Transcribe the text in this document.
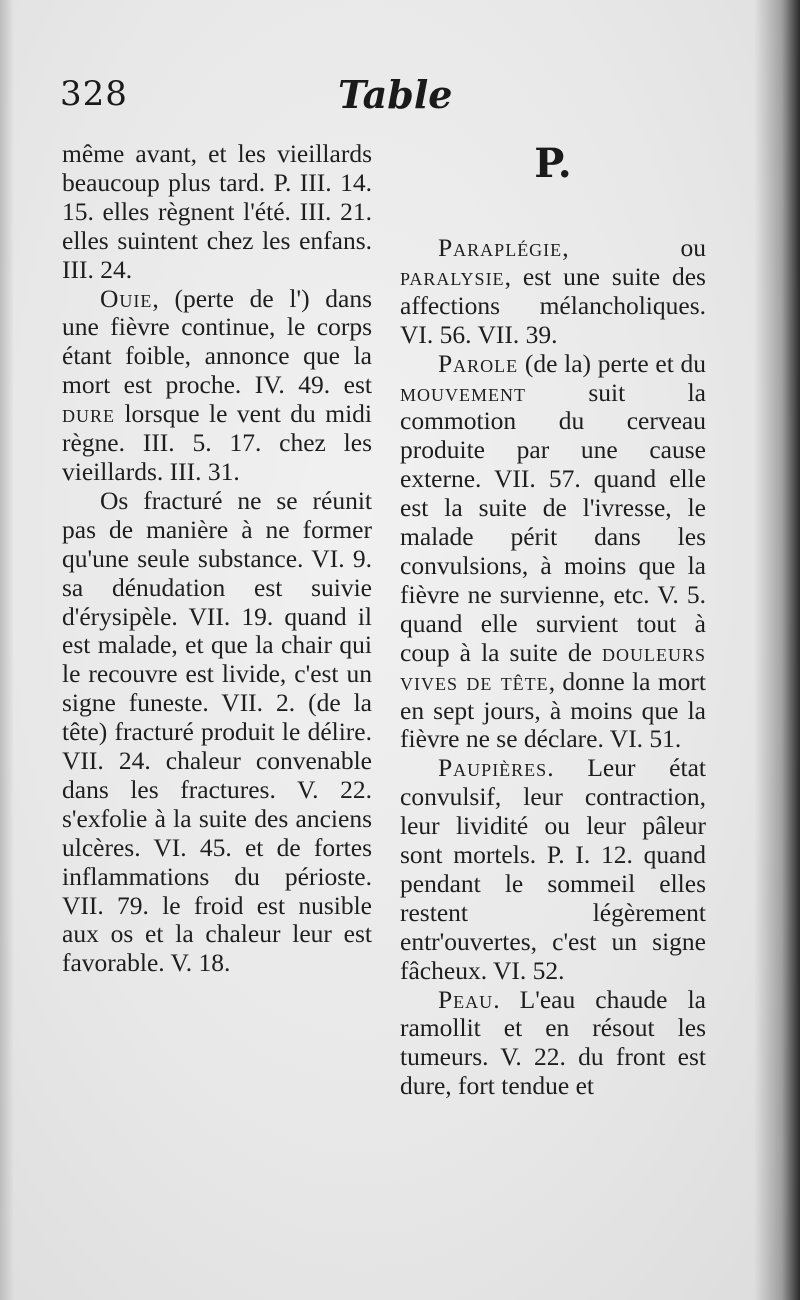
328	Table

même avant, et les vieillards beaucoup plus tard. P. III. 14. 15. elles règnent l'été. III. 21. elles suintent chez les enfans. III. 24.

Ouie, (perte de l') dans une fièvre continue, le corps étant foible, annonce que la mort est proche. IV. 49. est dure lorsque le vent du midi règne. III. 5. 17. chez les vieillards. III. 31.

Os fracturé ne se réunit pas de manière à ne former qu'une seule substance. VI. 9. sa dénudation est suivie d'érysipèle. VII. 19. quand il est malade, et que la chair qui le recouvre est livide, c'est un signe funeste. VII. 2. (de la tête) fracturé produit le délire. VII. 24. chaleur convenable dans les fractures. V. 22. s'exfolie à la suite des anciens ulcères. VI. 45. et de fortes inflammations du périoste. VII. 79. le froid est nusible aux os et la chaleur leur est favorable. V. 18.

P.

Paraplégie, ou paralysie, est une suite des affections mélancholiques. VI. 56. VII. 39.

Parole (de la) perte et du mouvement suit la commotion du cerveau produite par une cause externe. VII. 57. quand elle est la suite de l'ivresse, le malade périt dans les convulsions, à moins que la fièvre ne survienne, etc. V. 5. quand elle survient tout à coup à la suite de douleurs vives de tête, donne la mort en sept jours, à moins que la fièvre ne se déclare. VI. 51.

Paupières. Leur état convulsif, leur contraction, leur lividité ou leur pâleur sont mortels. P. I. 12. quand pendant le sommeil elles restent légèrement entr'ouvertes, c'est un signe fâcheux. VI. 52.

Peau. L'eau chaude la ramollit et en résout les tumeurs. V. 22. du front est dure, fort tendue et
